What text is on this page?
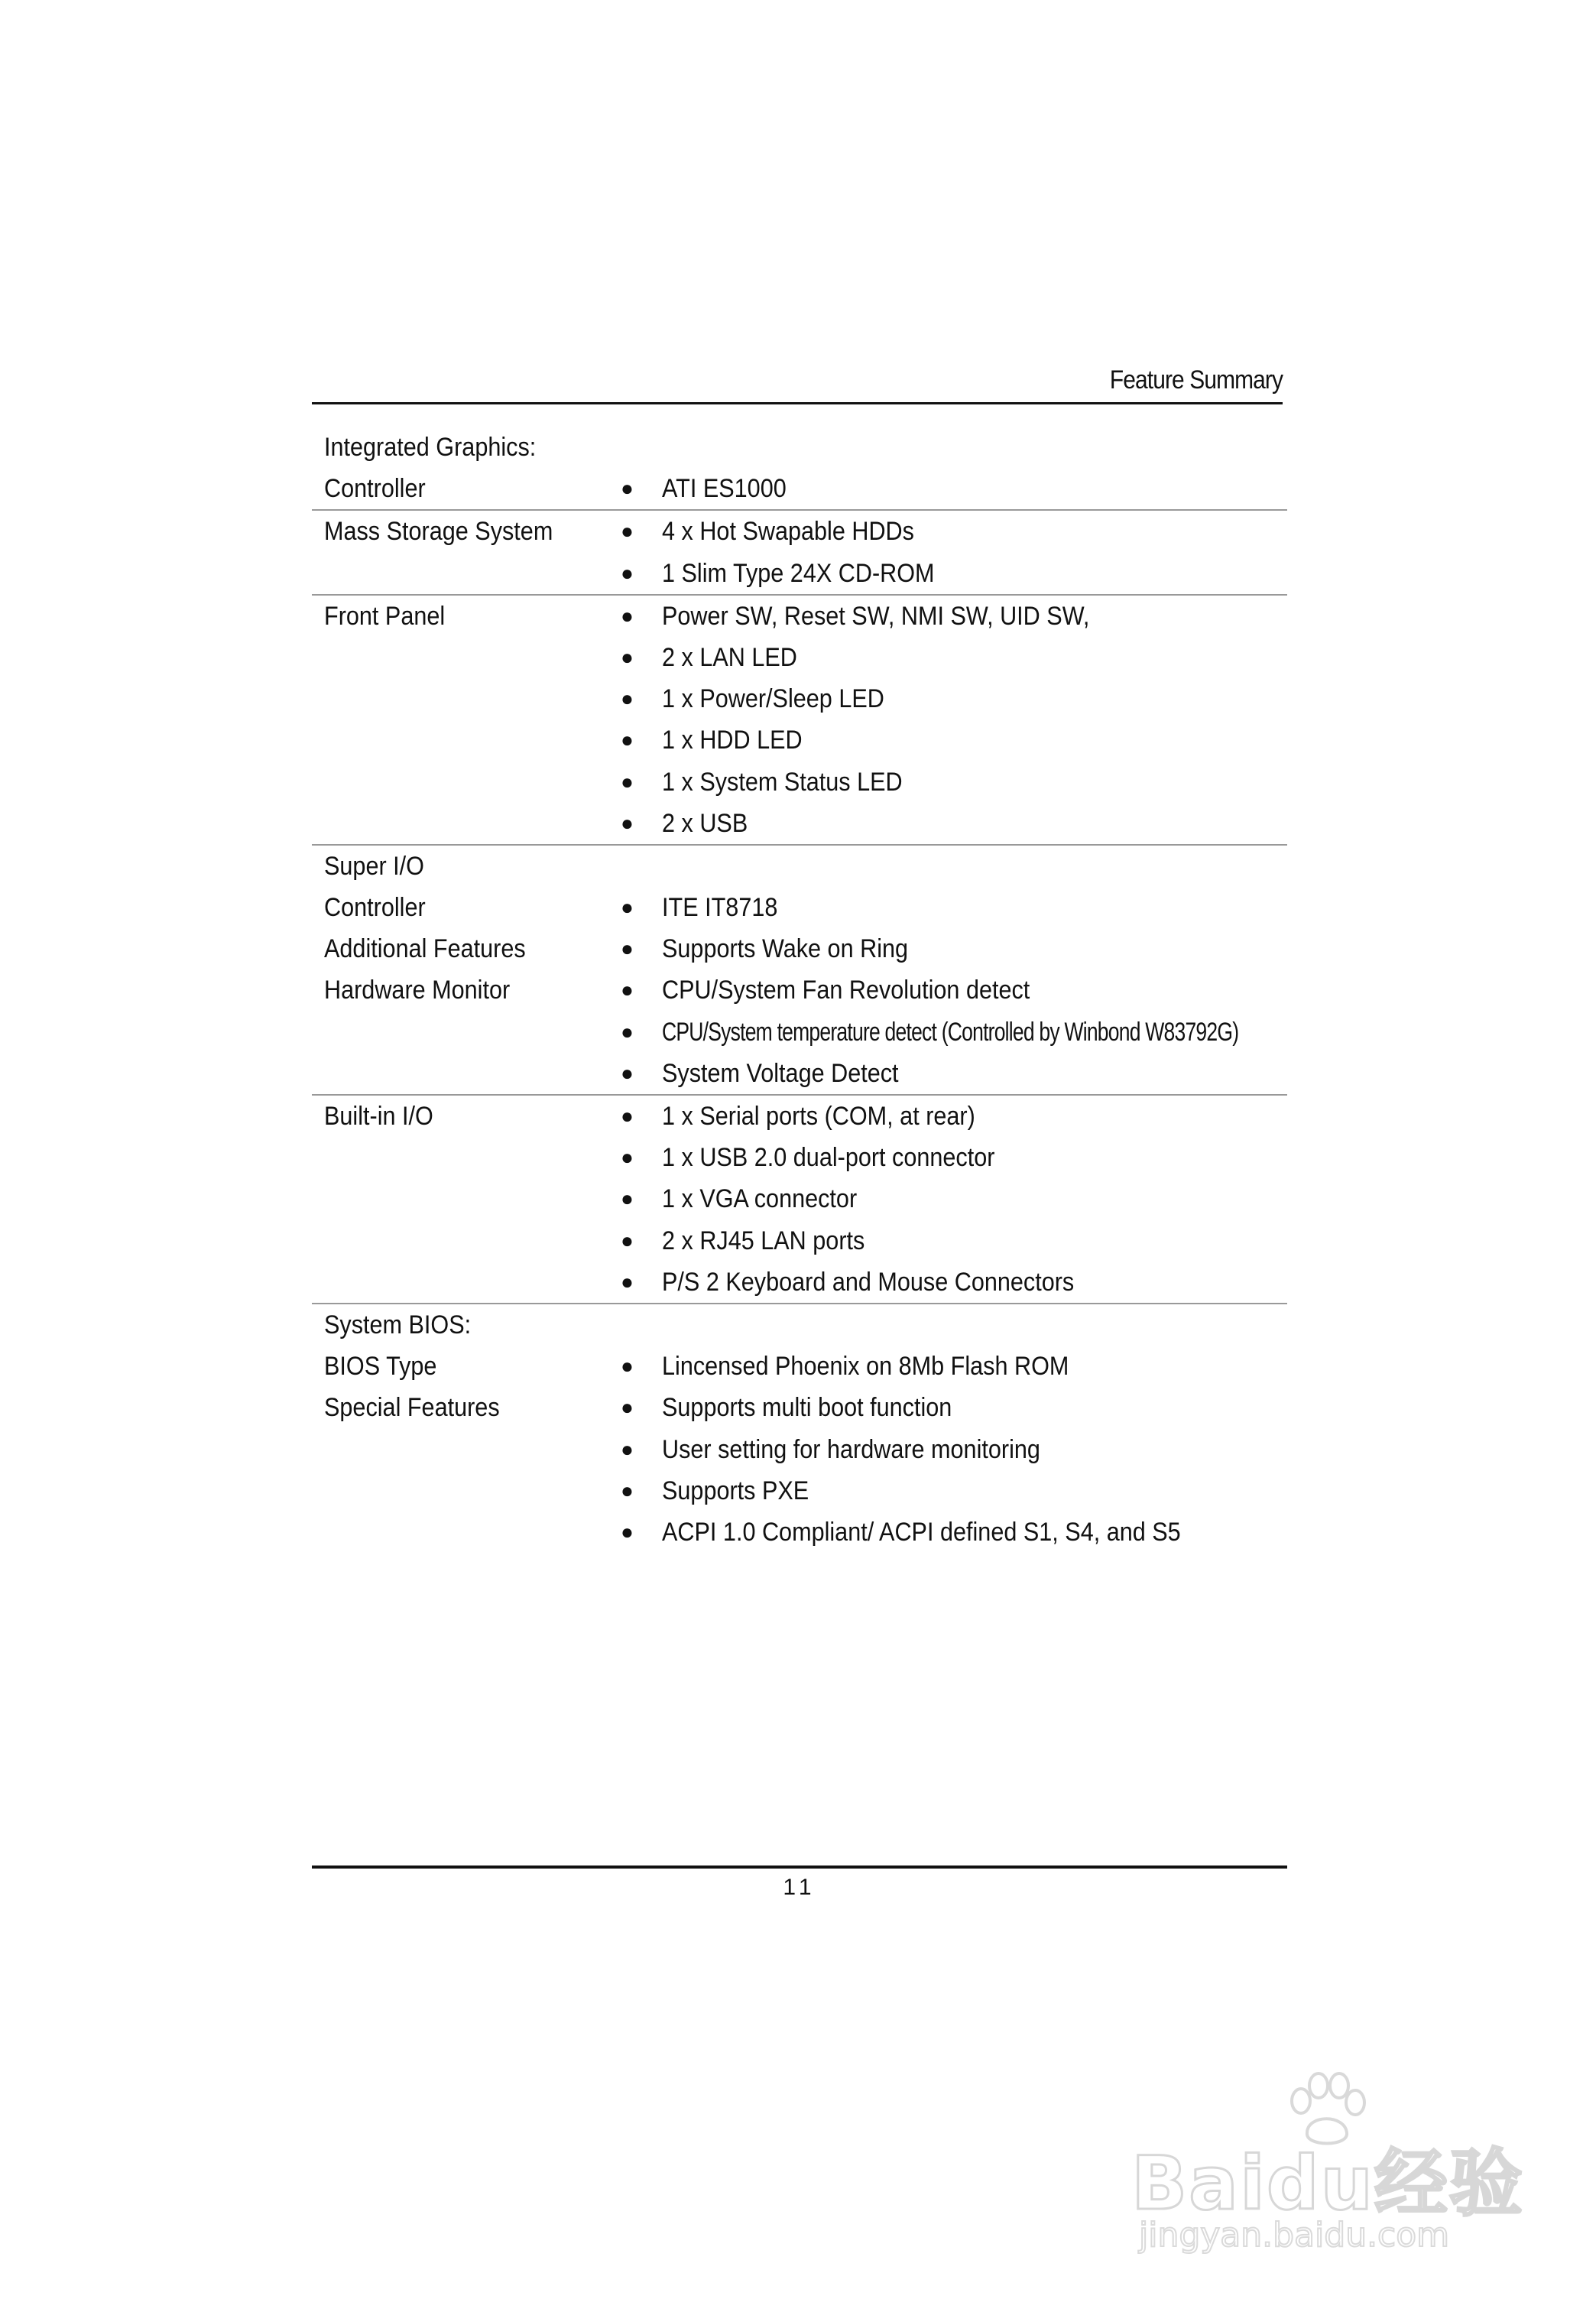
Feature Summary
Integrated Graphics:
Controller	● ATI ES1000
Mass Storage System	● 4 x Hot Swapable HDDs
● 1 Slim Type 24X CD-ROM
Front Panel	● Power SW, Reset SW, NMI SW, UID SW,
● 2 x LAN LED
● 1 x Power/Sleep LED
● 1 x HDD LED
● 1 x System Status LED
● 2 x USB
Super I/O
Controller	● ITE IT8718
Additional Features	● Supports Wake on Ring
Hardware Monitor	● CPU/System Fan Revolution detect
● CPU/System temperature detect (Controlled by Winbond W83792G)
● System Voltage Detect
Built-in I/O	● 1 x Serial ports (COM, at rear)
● 1 x USB 2.0 dual-port connector
● 1 x VGA connector
● 2 x RJ45 LAN ports
● P/S 2 Keyboard and Mouse Connectors
System BIOS:
BIOS Type	● Lincensed Phoenix on 8Mb Flash ROM
Special Features	● Supports multi boot function
● User setting for hardware monitoring
● Supports PXE
● ACPI 1.0 Compliant/ ACPI defined S1, S4, and S5
11
Baidu经验
jingyan.baidu.com
